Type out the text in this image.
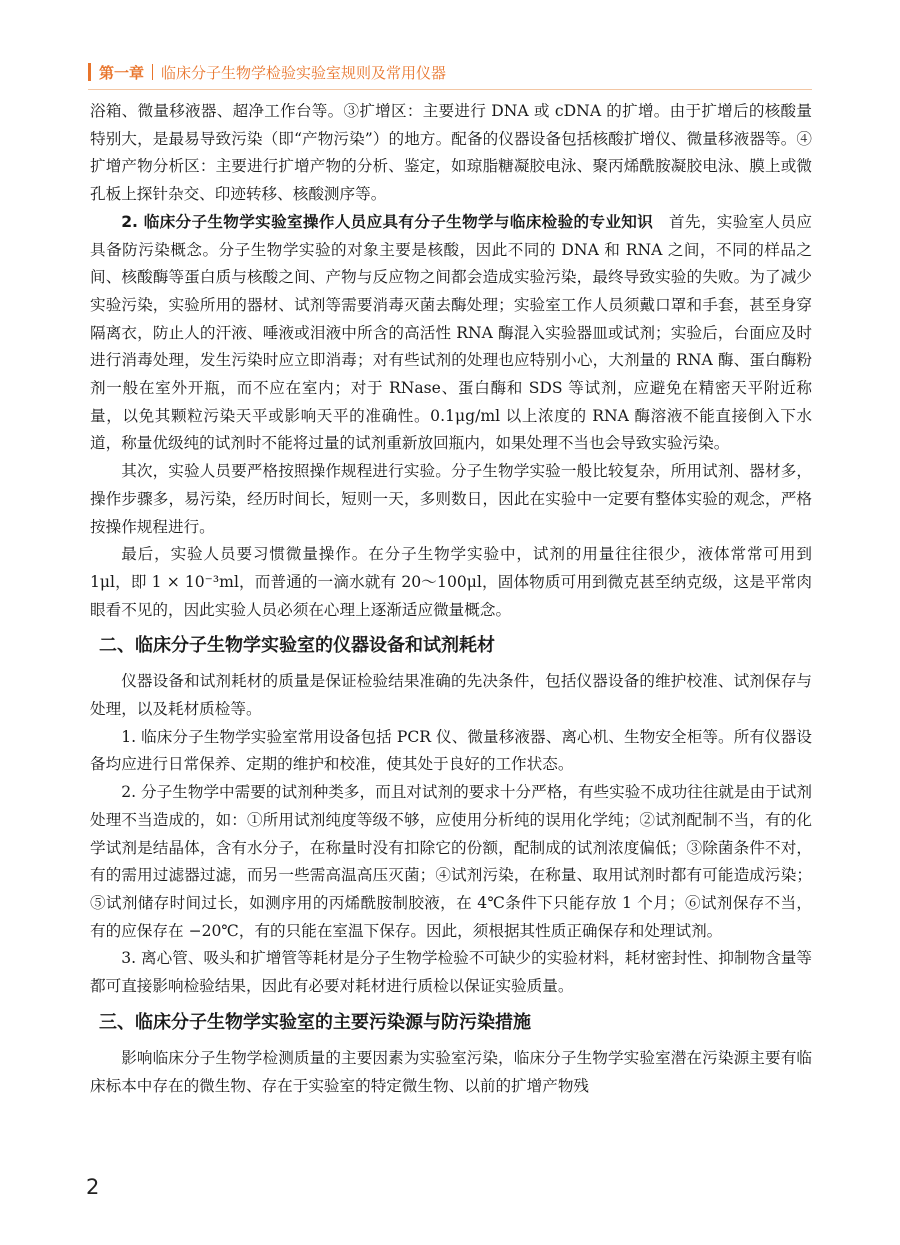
第一章 临床分子生物学检验实验室规则及常用仪器

浴箱、微量移液器、超净工作台等。③扩增区：主要进行 DNA 或 cDNA 的扩增。由于扩增后的核酸量特别大，是最易导致污染（即“产物污染”）的地方。配备的仪器设备包括核酸扩增仪、微量移液器等。④扩增产物分析区：主要进行扩增产物的分析、鉴定，如琼脂糖凝胶电泳、聚丙烯酰胺凝胶电泳、膜上或微孔板上探针杂交、印迹转移、核酸测序等。

2. 临床分子生物学实验室操作人员应具有分子生物学与临床检验的专业知识　首先，实验室人员应具备防污染概念。分子生物学实验的对象主要是核酸，因此不同的 DNA 和 RNA 之间，不同的样品之间、核酸酶等蛋白质与核酸之间、产物与反应物之间都会造成实验污染，最终导致实验的失败。为了减少实验污染，实验所用的器材、试剂等需要消毒灭菌去酶处理；实验室工作人员须戴口罩和手套，甚至身穿隔离衣，防止人的汗液、唾液或泪液中所含的高活性 RNA 酶混入实验器皿或试剂；实验后，台面应及时进行消毒处理，发生污染时应立即消毒；对有些试剂的处理也应特别小心，大剂量的 RNA 酶、蛋白酶粉剂一般在室外开瓶，而不应在室内；对于 RNase、蛋白酶和 SDS 等试剂，应避免在精密天平附近称量，以免其颗粒污染天平或影响天平的准确性。0.1μg/ml 以上浓度的 RNA 酶溶液不能直接倒入下水道，称量优级纯的试剂时不能将过量的试剂重新放回瓶内，如果处理不当也会导致实验污染。

其次，实验人员要严格按照操作规程进行实验。分子生物学实验一般比较复杂，所用试剂、器材多，操作步骤多，易污染，经历时间长，短则一天，多则数日，因此在实验中一定要有整体实验的观念，严格按操作规程进行。

最后，实验人员要习惯微量操作。在分子生物学实验中，试剂的用量往往很少，液体常常可用到 1μl，即 1 × 10⁻³ml，而普通的一滴水就有 20～100μl，固体物质可用到微克甚至纳克级，这是平常肉眼看不见的，因此实验人员必须在心理上逐渐适应微量概念。

二、临床分子生物学实验室的仪器设备和试剂耗材

仪器设备和试剂耗材的质量是保证检验结果准确的先决条件，包括仪器设备的维护校准、试剂保存与处理，以及耗材质检等。

1. 临床分子生物学实验室常用设备包括 PCR 仪、微量移液器、离心机、生物安全柜等。所有仪器设备均应进行日常保养、定期的维护和校准，使其处于良好的工作状态。

2. 分子生物学中需要的试剂种类多，而且对试剂的要求十分严格，有些实验不成功往往就是由于试剂处理不当造成的，如：①所用试剂纯度等级不够，应使用分析纯的误用化学纯；②试剂配制不当，有的化学试剂是结晶体，含有水分子，在称量时没有扣除它的份额，配制成的试剂浓度偏低；③除菌条件不对，有的需用过滤器过滤，而另一些需高温高压灭菌；④试剂污染，在称量、取用试剂时都有可能造成污染；⑤试剂储存时间过长，如测序用的丙烯酰胺制胶液，在 4℃条件下只能存放 1 个月；⑥试剂保存不当，有的应保存在 −20℃，有的只能在室温下保存。因此，须根据其性质正确保存和处理试剂。

3. 离心管、吸头和扩增管等耗材是分子生物学检验不可缺少的实验材料，耗材密封性、抑制物含量等都可直接影响检验结果，因此有必要对耗材进行质检以保证实验质量。

三、临床分子生物学实验室的主要污染源与防污染措施

影响临床分子生物学检测质量的主要因素为实验室污染，临床分子生物学实验室潜在污染源主要有临床标本中存在的微生物、存在于实验室的特定微生物、以前的扩增产物残

2
